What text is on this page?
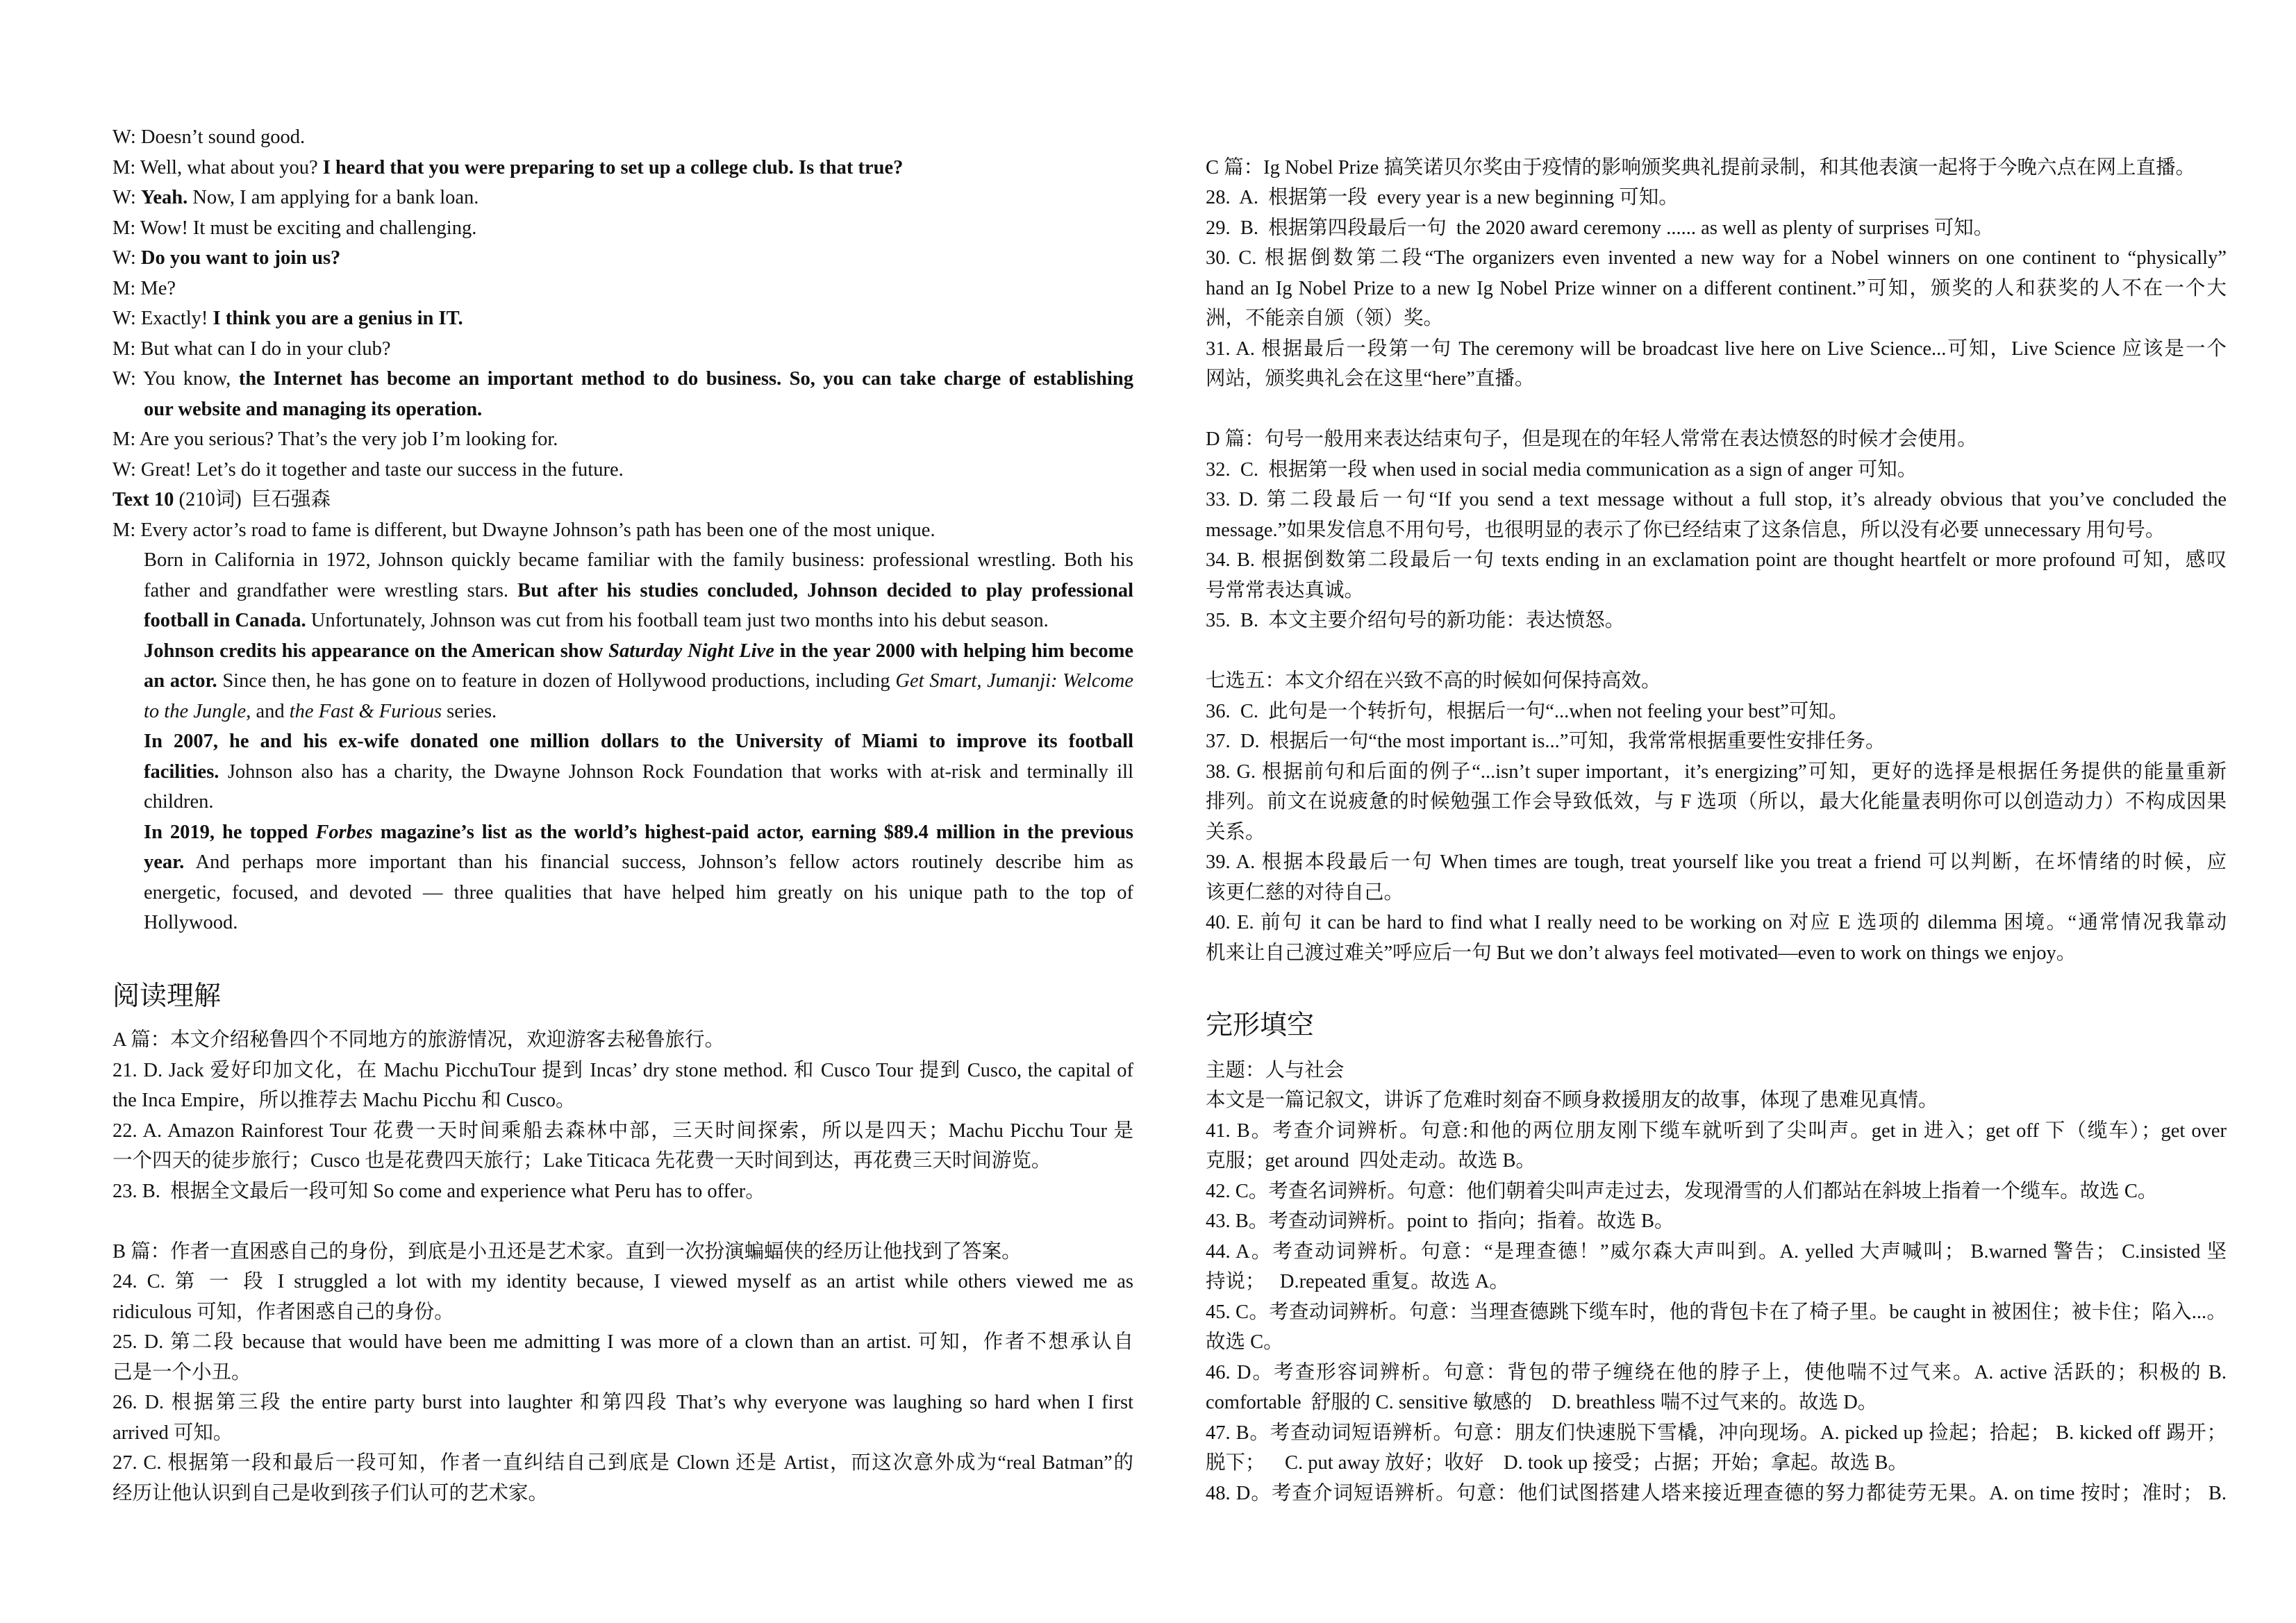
W: Doesn’t sound good.
M: Well, what about you? I heard that you were preparing to set up a college club. Is that true?
W: Yeah. Now, I am applying for a bank loan.
M: Wow! It must be exciting and challenging.
W: Do you want to join us?
M: Me?
W: Exactly! I think you are a genius in IT.
M: But what can I do in your club?
W: You know, the Internet has become an important method to do business. So, you can take charge of establishing
our website and managing its operation.
M: Are you serious? That’s the very job I’m looking for.
W: Great! Let’s do it together and taste our success in the future.
Text 10 (210词)  巨石强森
M: Every actor’s road to fame is different, but Dwayne Johnson’s path has been one of the most unique.
Born in California in 1972, Johnson quickly became familiar with the family business: professional wrestling. Both his
father and grandfather were wrestling stars. But after his studies concluded, Johnson decided to play professional
football in Canada. Unfortunately, Johnson was cut from his football team just two months into his debut season.
Johnson credits his appearance on the American show Saturday Night Live in the year 2000 with helping him become
an actor. Since then, he has gone on to feature in dozen of Hollywood productions, including Get Smart, Jumanji: Welcome
to the Jungle, and the Fast & Furious series.
In 2007, he and his ex-wife donated one million dollars to the University of Miami to improve its football
facilities. Johnson also has a charity, the Dwayne Johnson Rock Foundation that works with at-risk and terminally ill
children.
In 2019, he topped Forbes magazine’s list as the world’s highest-paid actor, earning $89.4 million in the previous
year. And perhaps more important than his financial success, Johnson’s fellow actors routinely describe him as
energetic, focused, and devoted — three qualities that have helped him greatly on his unique path to the top of
Hollywood.
阅读理解
A 篇：本文介绍秘鲁四个不同地方的旅游情况，欢迎游客去秘鲁旅行。
21. D. Jack 爱好印加文化，在 Machu PicchuTour 提到 Incas’ dry stone method. 和 Cusco Tour 提到 Cusco, the capital of
the Inca Empire，所以推荐去 Machu Picchu 和 Cusco。
22. A. Amazon Rainforest Tour 花费一天时间乘船去森林中部，三天时间探索，所以是四天；Machu Picchu Tour 是
一个四天的徒步旅行；Cusco 也是花费四天旅行；Lake Titicaca 先花费一天时间到达，再花费三天时间游览。
23. B.  根据全文最后一段可知 So come and experience what Peru has to offer。
B 篇：作者一直困惑自己的身份，到底是小丑还是艺术家。直到一次扮演蝙蝠侠的经历让他找到了答案。
24. C. 第 一 段 I struggled a lot with my identity because, I viewed myself as an artist while others viewed me as
ridiculous 可知，作者困惑自己的身份。
25. D. 第二段 because that would have been me admitting I was more of a clown than an artist. 可知，作者不想承认自
己是一个小丑。
26. D. 根据第三段 the entire party burst into laughter 和第四段 That’s why everyone was laughing so hard when I first
arrived 可知。
27. C. 根据第一段和最后一段可知，作者一直纠结自己到底是 Clown 还是 Artist，而这次意外成为“real Batman”的
经历让他认识到自己是收到孩子们认可的艺术家。
C 篇：Ig Nobel Prize 搞笑诺贝尔奖由于疫情的影响颁奖典礼提前录制，和其他表演一起将于今晚六点在网上直播。
28.  A.  根据第一段  every year is a new beginning 可知。
29.  B.  根据第四段最后一句  the 2020 award ceremony ...... as well as plenty of surprises 可知。
30. C. 根据倒数第二段“The organizers even invented a new way for a Nobel winners on one continent to “physically”
hand an Ig Nobel Prize to a new Ig Nobel Prize winner on a different continent.”可知，颁奖的人和获奖的人不在一个大
洲，不能亲自颁（领）奖。
31. A. 根据最后一段第一句 The ceremony will be broadcast live here on Live Science...可知，Live Science 应该是一个
网站，颁奖典礼会在这里“here”直播。
D 篇：句号一般用来表达结束句子，但是现在的年轻人常常在表达愤怒的时候才会使用。
32.  C.  根据第一段 when used in social media communication as a sign of anger 可知。
33. D. 第二段最后一句“If you send a text message without a full stop, it’s already obvious that you’ve concluded the
message.”如果发信息不用句号，也很明显的表示了你已经结束了这条信息，所以没有必要 unnecessary 用句号。
34. B. 根据倒数第二段最后一句 texts ending in an exclamation point are thought heartfelt or more profound 可知，感叹
号常常表达真诚。
35.  B.  本文主要介绍句号的新功能：表达愤怒。
七选五：本文介绍在兴致不高的时候如何保持高效。
36.  C.  此句是一个转折句，根据后一句“...when not feeling your best”可知。
37.  D.  根据后一句“the most important is...”可知，我常常根据重要性安排任务。
38. G. 根据前句和后面的例子“...isn’t super important，it’s energizing”可知，更好的选择是根据任务提供的能量重新
排列。前文在说疲惫的时候勉强工作会导致低效，与 F 选项（所以，最大化能量表明你可以创造动力）不构成因果
关系。
39. A. 根据本段最后一句 When times are tough, treat yourself like you treat a friend 可以判断，在坏情绪的时候，应
该更仁慈的对待自己。
40. E. 前句 it can be hard to find what I really need to be working on 对应 E 选项的 dilemma 困境。“通常情况我靠动
机来让自己渡过难关”呼应后一句 But we don’t always feel motivated—even to work on things we enjoy。
完形填空
主题：人与社会
本文是一篇记叙文，讲诉了危难时刻奋不顾身救援朋友的故事，体现了患难见真情。
41. B。考查介词辨析。句意:和他的两位朋友刚下缆车就听到了尖叫声。get in 进入；get off 下（缆车）；get over
克服；get around  四处走动。故选 B。
42. C。考查名词辨析。句意：他们朝着尖叫声走过去，发现滑雪的人们都站在斜坡上指着一个缆车。故选 C。
43. B。考查动词辨析。point to  指向；指着。故选 B。
44. A。考查动词辨析。句意：“是理查德！”威尔森大声叫到。A. yelled 大声喊叫； B.warned 警告； C.insisted 坚
持说；   D.repeated 重复。故选 A。
45. C。考查动词辨析。句意：当理查德跳下缆车时，他的背包卡在了椅子里。be caught in 被困住；被卡住；陷入...。
故选 C。
46. D。考查形容词辨析。句意：背包的带子缠绕在他的脖子上，使他喘不过气来。A. active 活跃的；积极的 B.
comfortable  舒服的 C. sensitive 敏感的    D. breathless 喘不过气来的。故选 D。
47. B。考查动词短语辨析。句意：朋友们快速脱下雪橇，冲向现场。A. picked up 捡起；拾起； B. kicked off 踢开；
脱下；    C. put away 放好；收好    D. took up 接受；占据；开始；拿起。故选 B。
48. D。考查介词短语辨析。句意：他们试图搭建人塔来接近理查德的努力都徒劳无果。A. on time 按时；准时； B.
